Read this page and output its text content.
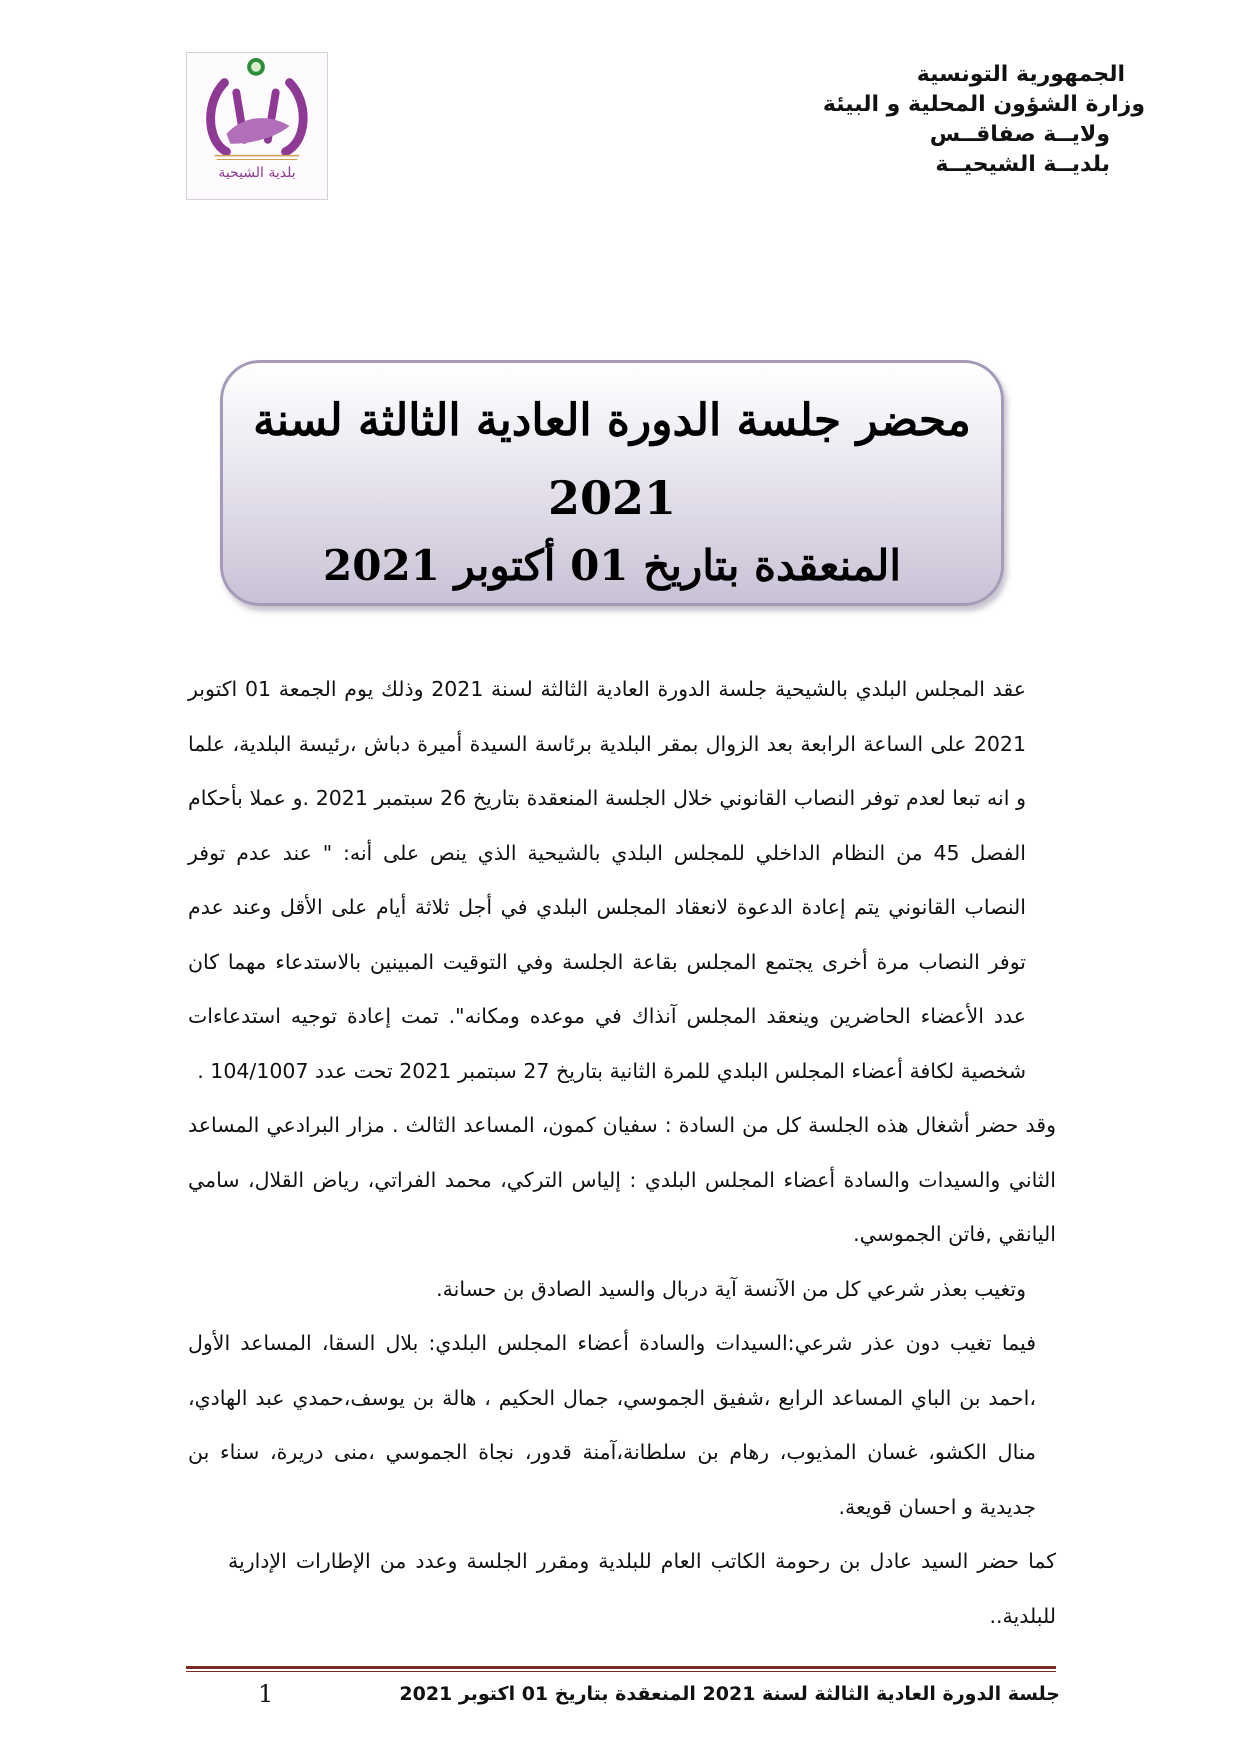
بلدية الشيحية
الجمهورية التونسية
وزارة الشؤون المحلية و البيئة
ولايــة صفاقــس
بلديــة الشيحيــة
محضر جلسة الدورة العادية الثالثة لسنة
2021
المنعقدة بتاريخ 01 أكتوبر 2021

عقد المجلس البلدي بالشيحية جلسة الدورة العادية الثالثة لسنة 2021 وذلك يوم الجمعة 01 اكتوبر 2021 على الساعة الرابعة بعد الزوال بمقر البلدية برئاسة السيدة أميرة دباش ،رئيسة البلدية، علما و انه تبعا لعدم توفر النصاب القانوني خلال الجلسة المنعقدة بتاريخ 26 سبتمبر 2021 .و عملا بأحكام الفصل 45 من النظام الداخلي للمجلس البلدي بالشيحية الذي ينص على أنه: " عند عدم توفر النصاب القانوني يتم إعادة الدعوة لانعقاد المجلس البلدي في أجل ثلاثة أيام على الأقل وعند عدم توفر النصاب مرة أخرى يجتمع المجلس بقاعة الجلسة وفي التوقيت المبينين بالاستدعاء مهما كان عدد الأعضاء الحاضرين وينعقد المجلس آنذاك في موعده ومكانه". تمت إعادة توجيه استدعاءات شخصية لكافة أعضاء المجلس البلدي للمرة الثانية بتاريخ 27 سبتمبر 2021 تحت عدد 104/1007 .

وقد حضر أشغال هذه الجلسة كل من السادة : سفيان كمون، المساعد الثالث . مزار البرادعي المساعد الثاني والسيدات والسادة أعضاء المجلس البلدي : إلياس التركي، محمد الفراتي، رياض القلال، سامي اليانقي ,فاتن الجموسي.

وتغيب بعذر شرعي كل من الآنسة آية دربال والسيد الصادق بن حسانة.

فيما تغيب دون عذر شرعي:السيدات والسادة أعضاء المجلس البلدي: بلال السقا، المساعد الأول ،احمد بن الباي المساعد الرابع ،شفيق الجموسي، جمال الحكيم ، هالة بن يوسف،حمدي عبد الهادي، منال الكشو، غسان المذيوب، رهام بن سلطانة،آمنة قدور، نجاة الجموسي ،منى دريرة، سناء بن جديدية و احسان قويعة.

كما حضر السيد عادل بن رحومة الكاتب العام للبلدية ومقرر الجلسة وعدد من الإطارات الإدارية للبلدية..

جلسة الدورة العادية الثالثة لسنة 2021 المنعقدة بتاريخ 01 اكتوبر 2021
1
